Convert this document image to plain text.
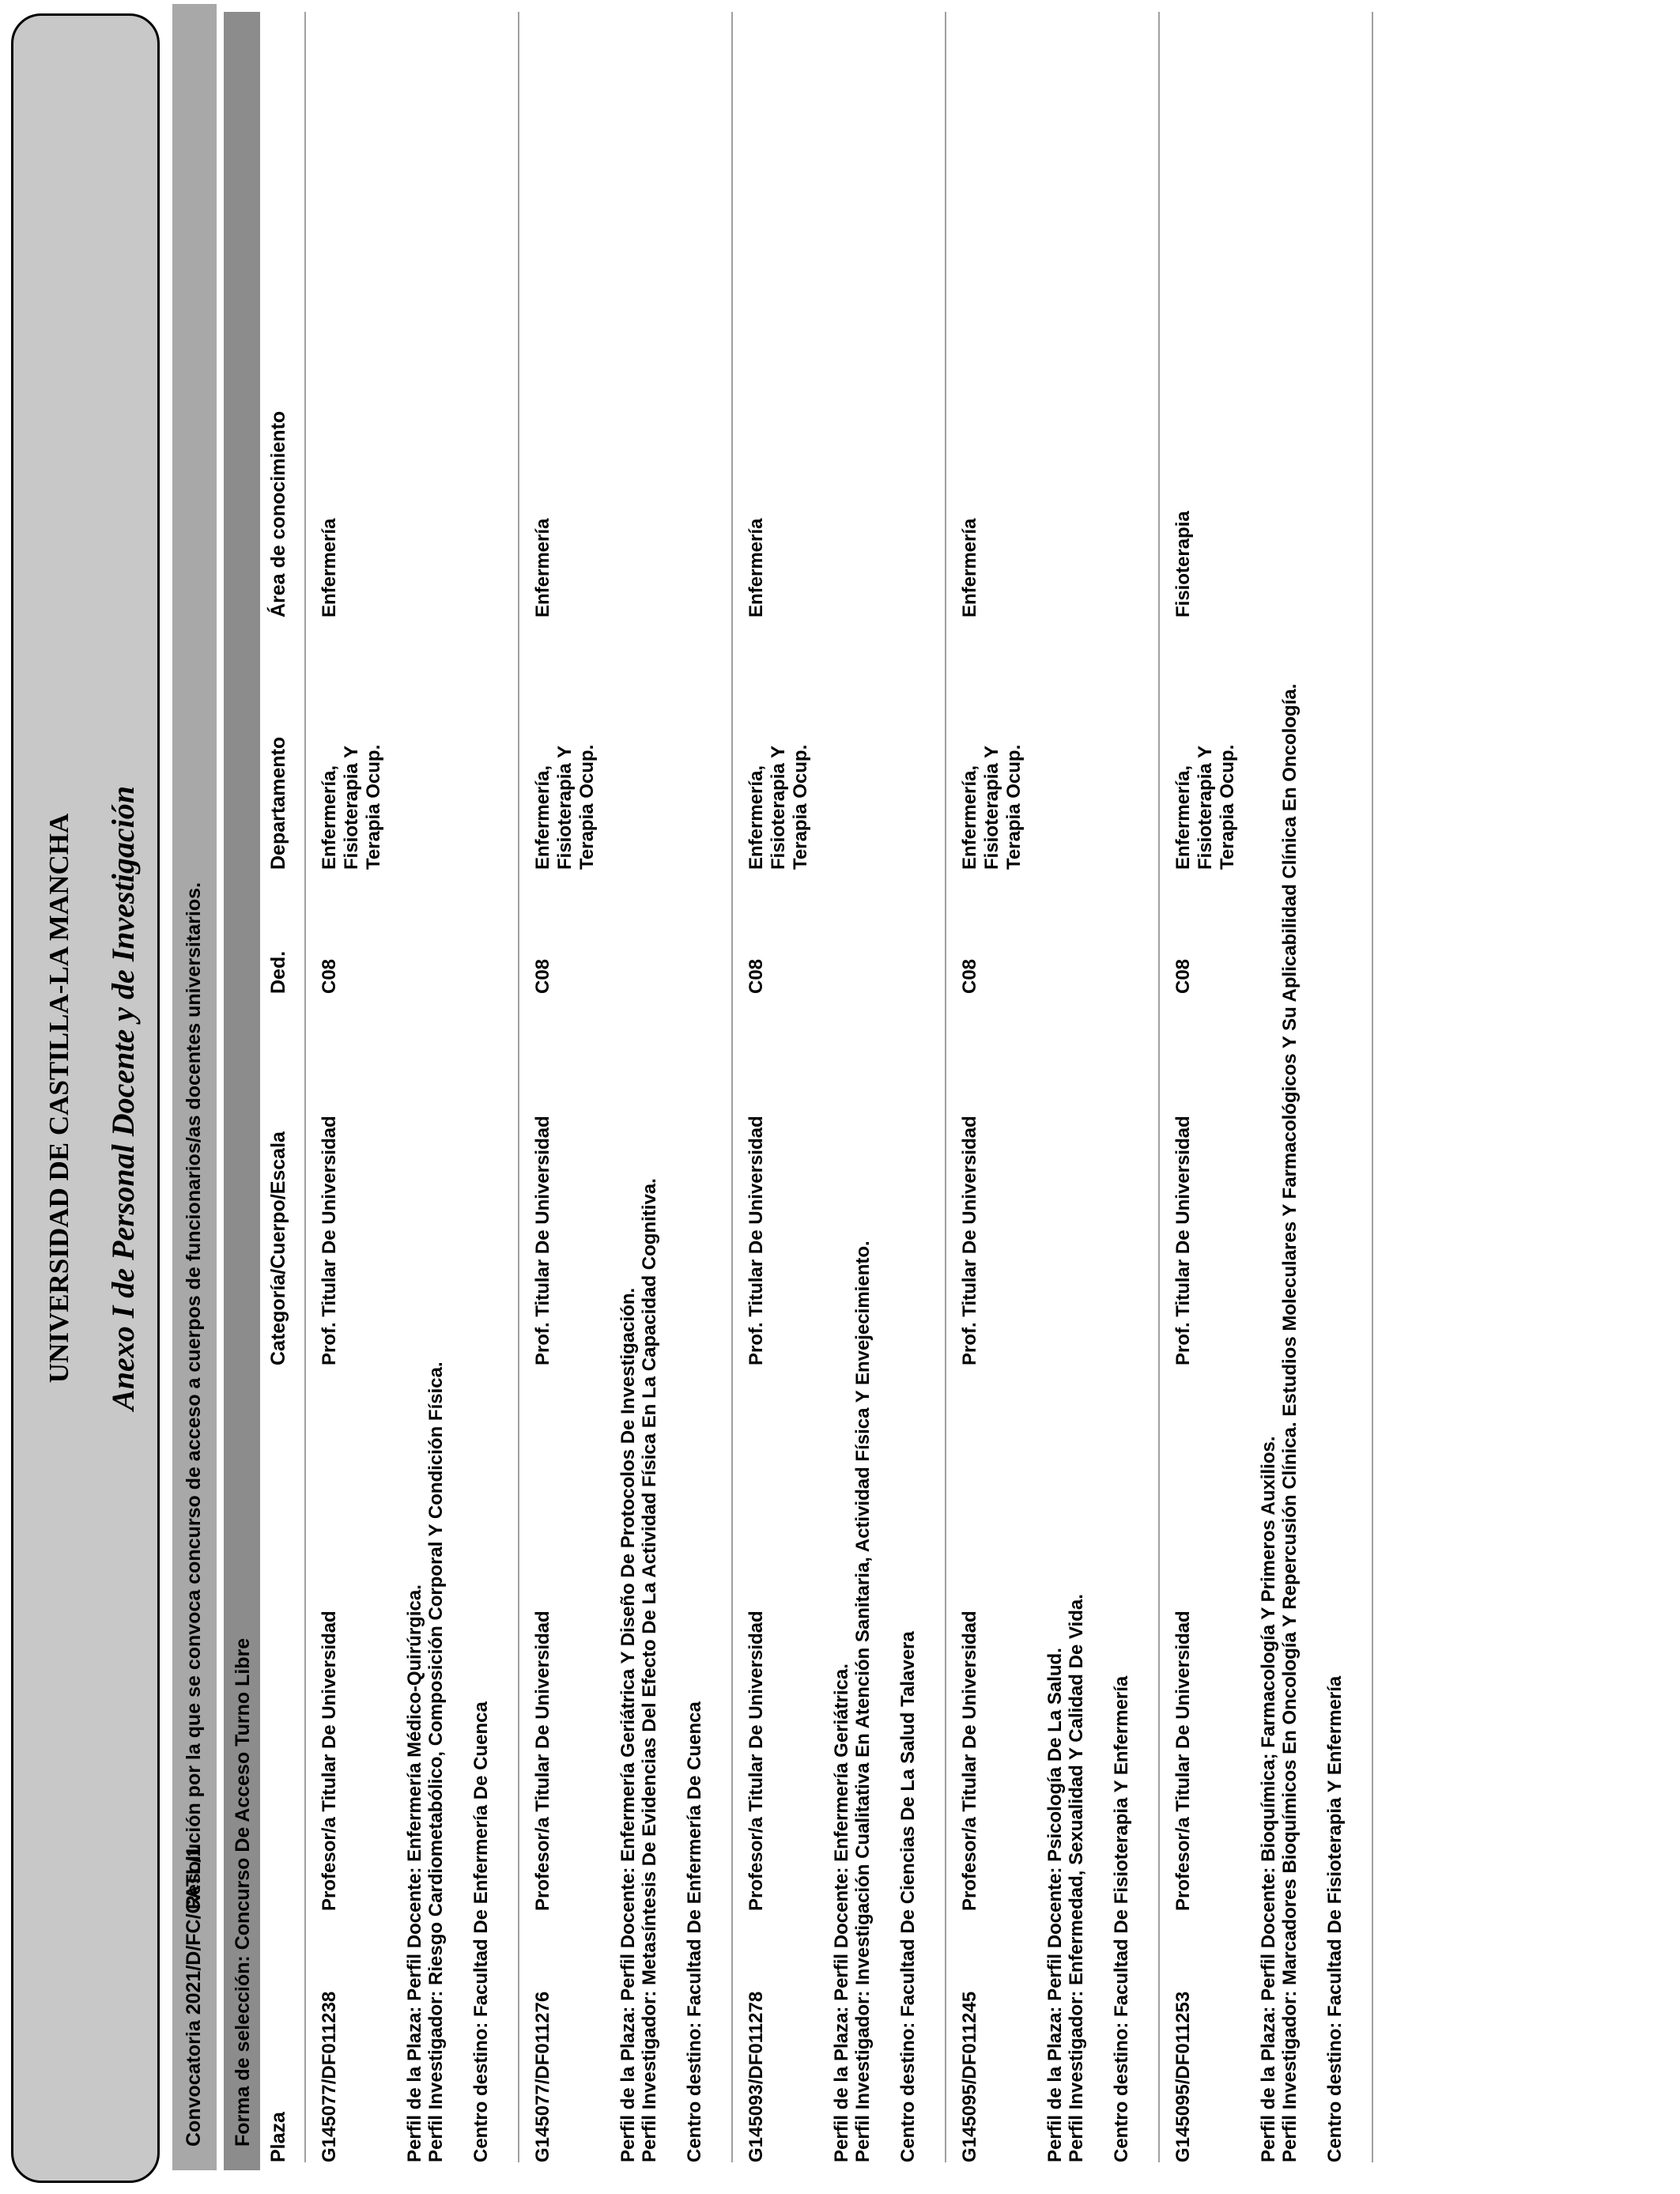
UNIVERSIDAD DE CASTILLA-LA MANCHA Anexo I de Personal Docente y de Investigación
Convocatoria 2021/D/FC/CATL/1
Resolución por la que se convoca concurso de acceso a cuerpos de funcionarios/as docentes universitarios. Forma de selección: Concurso De Acceso Turno Libre Plaza
Categoría/Cuerpo/Escala
Ded.
Departamento
Área de conocimiento
G145077/DF011238
Profesor/a Titular De Universidad
Prof. Titular De Universidad
C08
Enfermería, Fisioterapia Y Terapia Ocup.
Enfermería
Perfil de la Plaza: Perfil Docente: Enfermería Médico-Quirúrgica. Perfil Investigador: Riesgo Cardiometabólico, Composición Corporal Y Condición Física. Centro destino: Facultad De Enfermería De Cuenca G145077/DF011276
Profesor/a Titular De Universidad
Prof. Titular De Universidad
C08
Enfermería, Fisioterapia Y Terapia Ocup.
Enfermería
Perfil de la Plaza: Perfil Docente: Enfermería Geriátrica Y Diseño De Protocolos De Investigación. Perfil Investigador: Metasíntesis De Evidencias Del Efecto De La Actividad Física En La Capacidad Cognitiva. Centro destino: Facultad De Enfermería De Cuenca G145093/DF011278
Profesor/a Titular De Universidad
Prof. Titular De Universidad
C08
Enfermería, Fisioterapia Y Terapia Ocup.
Enfermería
Perfil de la Plaza: Perfil Docente: Enfermería Geriátrica. Perfil Investigador: Investigación Cualitativa En Atención Sanitaria, Actividad Física Y Envejecimiento. Centro destino: Facultad De Ciencias De La Salud Talavera G145095/DF011245
Profesor/a Titular De Universidad
Prof. Titular De Universidad
C08
Enfermería, Fisioterapia Y Terapia Ocup.
Enfermería
Perfil de la Plaza: Perfil Docente: Psicología De La Salud. Perfil Investigador: Enfermedad, Sexualidad Y Calidad De Vida. Centro destino: Facultad De Fisioterapia Y Enfermería G145095/DF011253
Profesor/a Titular De Universidad
Prof. Titular De Universidad
C08
Enfermería, Fisioterapia Y Terapia Ocup.
Fisioterapia
Perfil de la Plaza: Perfil Docente: Bioquímica; Farmacología Y Primeros Auxilios. Perfil Investigador: Marcadores Bioquímicos En Oncología Y Repercusión Clínica. Estudios Moleculares Y Farmacológicos Y Su Aplicabilidad Clínica En Oncología. Centro destino: Facultad De Fisioterapia Y Enfermería
